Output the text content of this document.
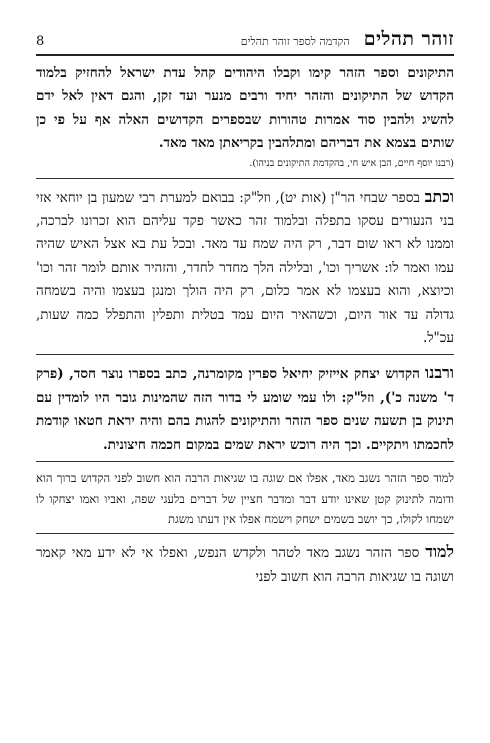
זוהר תהלים
הקדמה לספר זוהר תהלים
8

התיקונים וספר הזהר קימו וקבלו היהודים קהל עדת ישראל להחזיק בלמוד הקדוש של התיקונים והזהר יחיד ורבים מנער ועד זקן, והגם דאין לאל ידם להשיג ולהבין סוד אמרות טהורות שבספרים הקדושים האלה אף על פי כן שותים בצמא את דבריהם ומתלהבין בקריאתן מאד מאד.

(רבנו יוסף חיים, הבן איש חי, בהקדמת התיקונים בניהו).

וכתב בספר שבחי הר"ן (אות יט), וזל"ק: בבואם למערת רבי שמעון בן יוחאי אזי בני הנעורים עסקו בתפלה ובלמוד זהר כאשר פקד עליהם הוא זכרונו לברכה, וממנו לא ראו שום דבר, רק היה שמח עד מאד. ובכל עת בא אצל האיש שהיה עמו ואמר לו: אשריך וכו', ובלילה הלך מחדר לחדר, והזהיר אותם לומר זהר וכו' וכיוצא, והוא בעצמו לא אמר כלום, רק היה הולך ומנגן בעצמו והיה בשמחה גדולה עד אור היום, וכשהאיר היום עמד בטלית ותפלין והתפלל כמה שעות, עכ"ל.

ורבנו הקדוש יצחק אייזיק יחיאל ספרין מקומרנה, כתב בספרו נוצר חסד, (פרק ד' משנה כ'), וזל"ק: ולו עמי שומע לי בדור הזה שהמינות גובר היו לומדין עם תינוק בן תשעה שנים ספר הזהר והתיקונים להגות בהם והיה יראת חטאו קודמת לחכמתו ויתקיים. וכך היה רוכש יראת שמים במקום חכמה חיצונית.

למוד ספר הזהר נשגב מאד, אפלו אם שוגה בו שגיאות הרבה הוא חשוב לפני הקדוש ברוך הוא ודומה לתינוק קטן שאינו יודע דבר ומדבר חציין של דברים בלעגי שפה, ואביו ואמו יצחקו לו ישמחו לקולו, כך יושב בשמים ישחק וישמח אפלו אין דעתו משגת

למוד ספר הזהר נשגב מאד לטהר ולקדש הנפש, ואפלו אי לא ידע מאי קאמר ושוגה בו שגיאות הרבה הוא חשוב לפני
